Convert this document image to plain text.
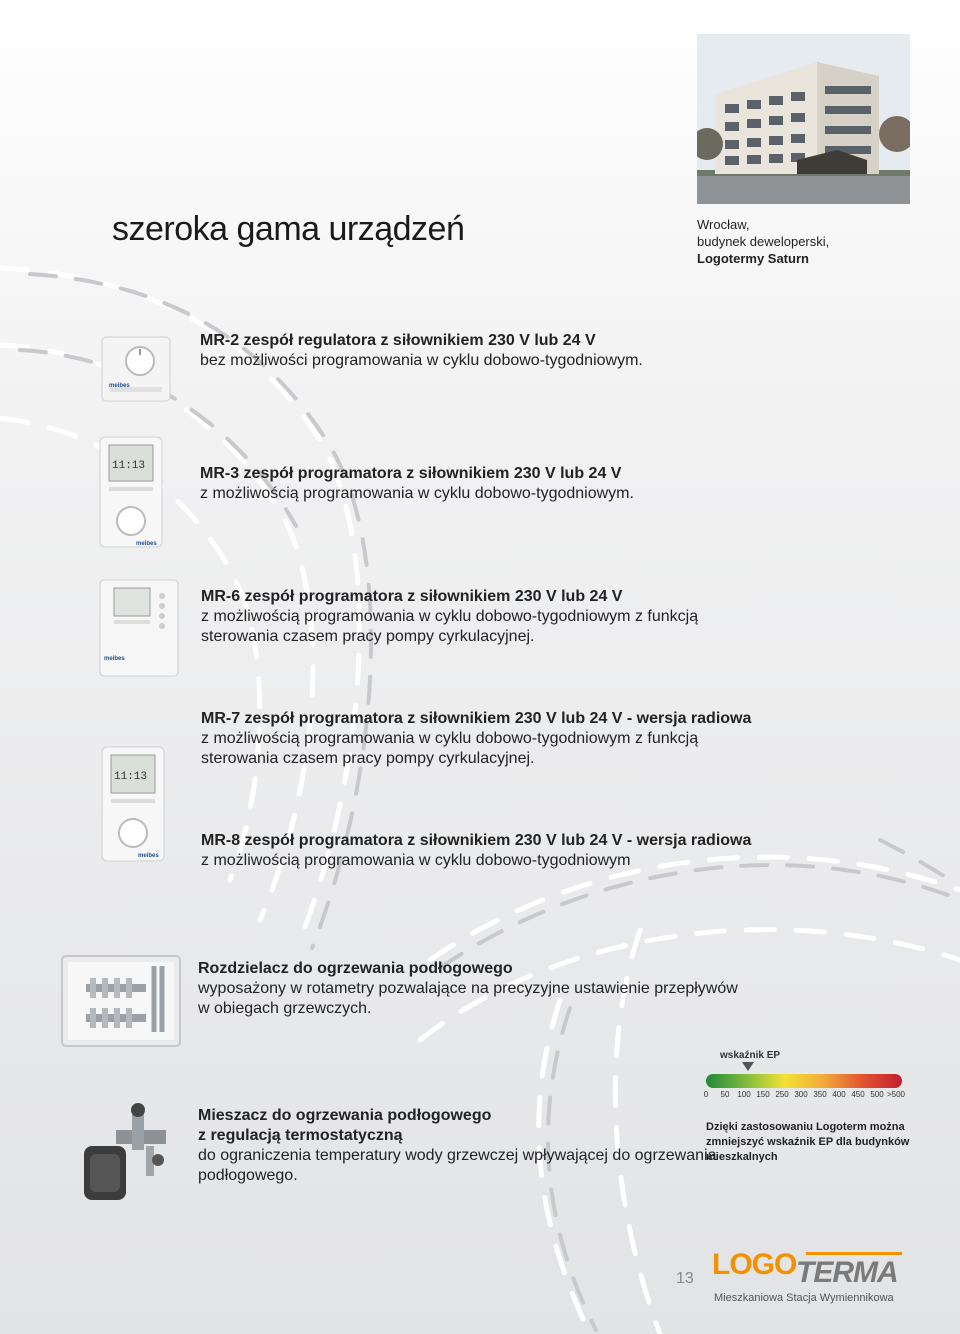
Wrocław,
budynek deweloperski,
Logotermy Saturn
szeroka gama urządzeń
meibes
11:13
meibes
meibes
11:13
meibes
MR-2 zespół regulatora z siłownikiem 230 V lub 24 V
bez możliwości programowania w cyklu dobowo-tygodniowym.
MR-3 zespół programatora z siłownikiem 230 V lub 24 V
z możliwością programowania w cyklu dobowo-tygodniowym.
MR-6 zespół programatora z siłownikiem 230 V lub 24 V
z możliwością programowania w cyklu dobowo-tygodniowym z funkcją
sterowania czasem pracy pompy cyrkulacyjnej.
MR-7 zespół programatora z siłownikiem 230 V lub 24 V - wersja radiowa
z możliwością programowania w cyklu dobowo-tygodniowym z funkcją
sterowania czasem pracy pompy cyrkulacyjnej.
MR-8 zespół programatora z siłownikiem 230 V lub 24 V - wersja radiowa
z możliwością programowania w cyklu dobowo-tygodniowym
Rozdzielacz do ogrzewania podłogowego
wyposażony w rotametry pozwalające na precyzyjne ustawienie przepływów
w obiegach grzewczych.
Mieszacz do ogrzewania podłogowego
z regulacją termostatyczną
do ograniczenia temperatury wody grzewczej wpływającej do ogrzewania
podłogowego.
wskaźnik EP
0 50 100 150 250 300 350 400 450 500 >500
Dzięki zastosowaniu Logoterm można
zmniejszyć wskaźnik EP dla budynków
mieszkalnych
13 LOGO TERMA
Mieszkaniowa Stacja Wymiennikowa
